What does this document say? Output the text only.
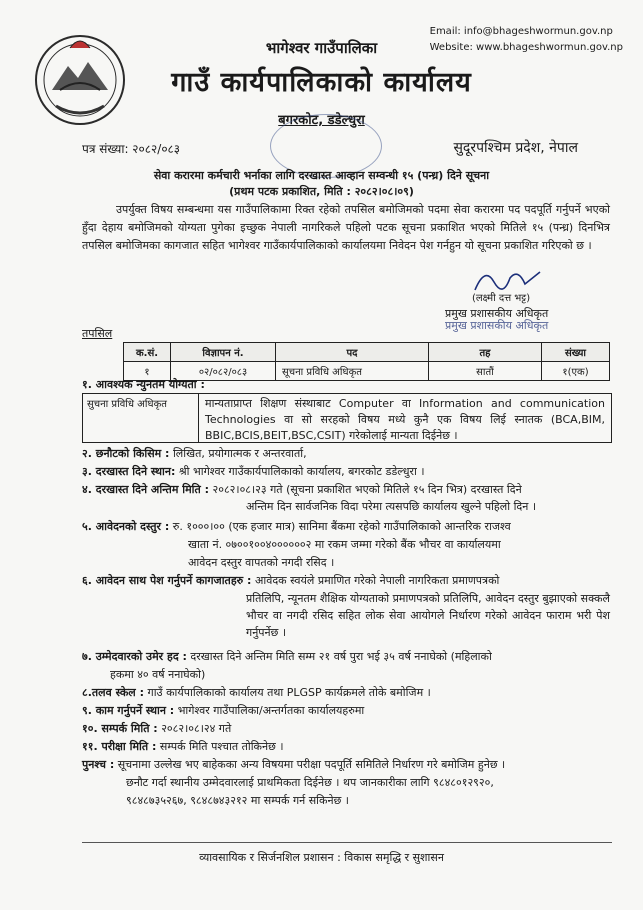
Email: info@bhageshwormun.gov.np
Website: www.bhageshwormun.gov.np
भागेश्वर गाउँपालिका
गाउँ कार्यपालिकाको कार्यालय
बगरकोट, डडेल्धुरा
पत्र संख्या: २०८२/०८३	सुदूरपश्चिम प्रदेश, नेपाल
सेवा करारमा कर्मचारी भर्नाका लागि दरखास्त आव्हान सम्वन्धी १५ (पन्ध्र) दिने सूचना
(प्रथम पटक प्रकाशित, मिति : २०८२।०८।०९)
उपर्युक्त विषय सम्बन्धमा यस गाउँपालिकामा रिक्त रहेको तपसिल बमोजिमको पदमा सेवा करारमा पद पदपूर्ति गर्नुपर्ने भएको हुँदा देहाय बमोजिमको योग्यता पुगेका इच्छुक नेपाली नागरिकले पहिलो पटक सूचना प्रकाशित भएको मितिले १५ (पन्ध्र) दिनभित्र तपसिल बमोजिमका कागजात सहित भागेश्वर गाउँकार्यपालिकाको कार्यालयमा निवेदन पेश गर्नहुन यो सूचना प्रकाशित गरिएको छ ।
(लक्ष्मी दत्त भट्ट)
प्रमुख प्रशासकीय अधिकृत
प्रमुख प्रशासकीय अधिकृत
तपसिल
क.सं.	विज्ञापन नं.	पद	तह	संख्या
१	०२/०८२/०८३	सूचना प्रविधि अधिकृत	सातौं	१(एक)
१. आवश्यक न्युनतम योग्यता :
सुचना प्रविधि अधिकृत	मान्यताप्राप्त शिक्षण संस्थाबाट Computer वा Information and communication Technologies वा सो सरहको विषय मध्ये कुनै एक विषय लिई स्नातक (BCA,BIM, BBIC,BCIS,BEIT,BSC,CSIT) गरेकोलाई मान्यता दिईनेछ ।
२. छनौटको किसिम : लिखित, प्रयोगात्मक र अन्तरवार्ता,
३. दरखास्त दिने स्थान: श्री भागेश्वर गाउँकार्यपालिकाको कार्यालय, बगरकोट डडेल्धुरा ।
४. दरखास्त दिने अन्तिम मिति : २०८२।०८।२३ गते (सूचना प्रकाशित भएको मितिले १५ दिन भित्र) दरखास्त दिने
अन्तिम दिन सार्वजनिक विदा परेमा त्यसपछि कार्यालय खुल्ने पहिलो दिन ।
५. आवेदनको दस्तुर : रु. १०००।०० (एक हजार मात्र) सानिमा बैंकमा रहेको गाउँपालिकाको आन्तरिक राजश्व
खाता नं. ०७००१००४००००००२ मा रकम जम्मा गरेको बैंक भौचर वा कार्यालयमा
आवेदन दस्तुर वापतको नगदी रसिद ।
६. आवेदन साथ पेश गर्नुपर्ने कागजातहरु : आवेदक स्वयंले प्रमाणित गरेको नेपाली नागरिकता प्रमाणपत्रको
प्रतिलिपि, न्यूनतम शैक्षिक योग्यताको प्रमाणपत्रको प्रतिलिपि, आवेदन दस्तुर बुझाएको सक्कलै भौचर वा नगदी रसिद सहित लोक सेवा आयोगले निर्धारण गरेको आवेदन फाराम भरी पेश गर्नुपर्नेछ ।
७. उम्मेदवारको उमेर हद : दरखास्त दिने अन्तिम मिति सम्म २१ वर्ष पुरा भई ३५ वर्ष ननाघेको (महिलाको
हकमा ४० वर्ष ननाघेको)
८.तलव स्केल : गाउँ कार्यपालिकाको कार्यालय तथा PLGSP कार्यक्रमले तोके बमोजिम ।
९. काम गर्नुपर्ने स्थान : भागेश्वर गाउँपालिका/अन्तर्गतका कार्यालयहरुमा
१०. सम्पर्क मिति : २०८२।०८।२४ गते
११. परीक्षा मिति : सम्पर्क मिति पश्चात तोकिनेछ ।
पुनश्च : सूचनामा उल्लेख भए बाहेकका अन्य विषयमा परीक्षा पदपूर्ति समितिले निर्धारण गरे बमोजिम हुनेछ ।
छनौट गर्दा स्थानीय उम्मेदवारलाई प्राथमिकता दिईनेछ । थप जानकारीका लागि ९८४८०१२९२०,
९८४८७३५२६७, ९८४८७४३२१२ मा सम्पर्क गर्न सकिनेछ ।
व्यावसायिक र सिर्जनशिल प्रशासन : विकास समृद्धि र सुशासन
